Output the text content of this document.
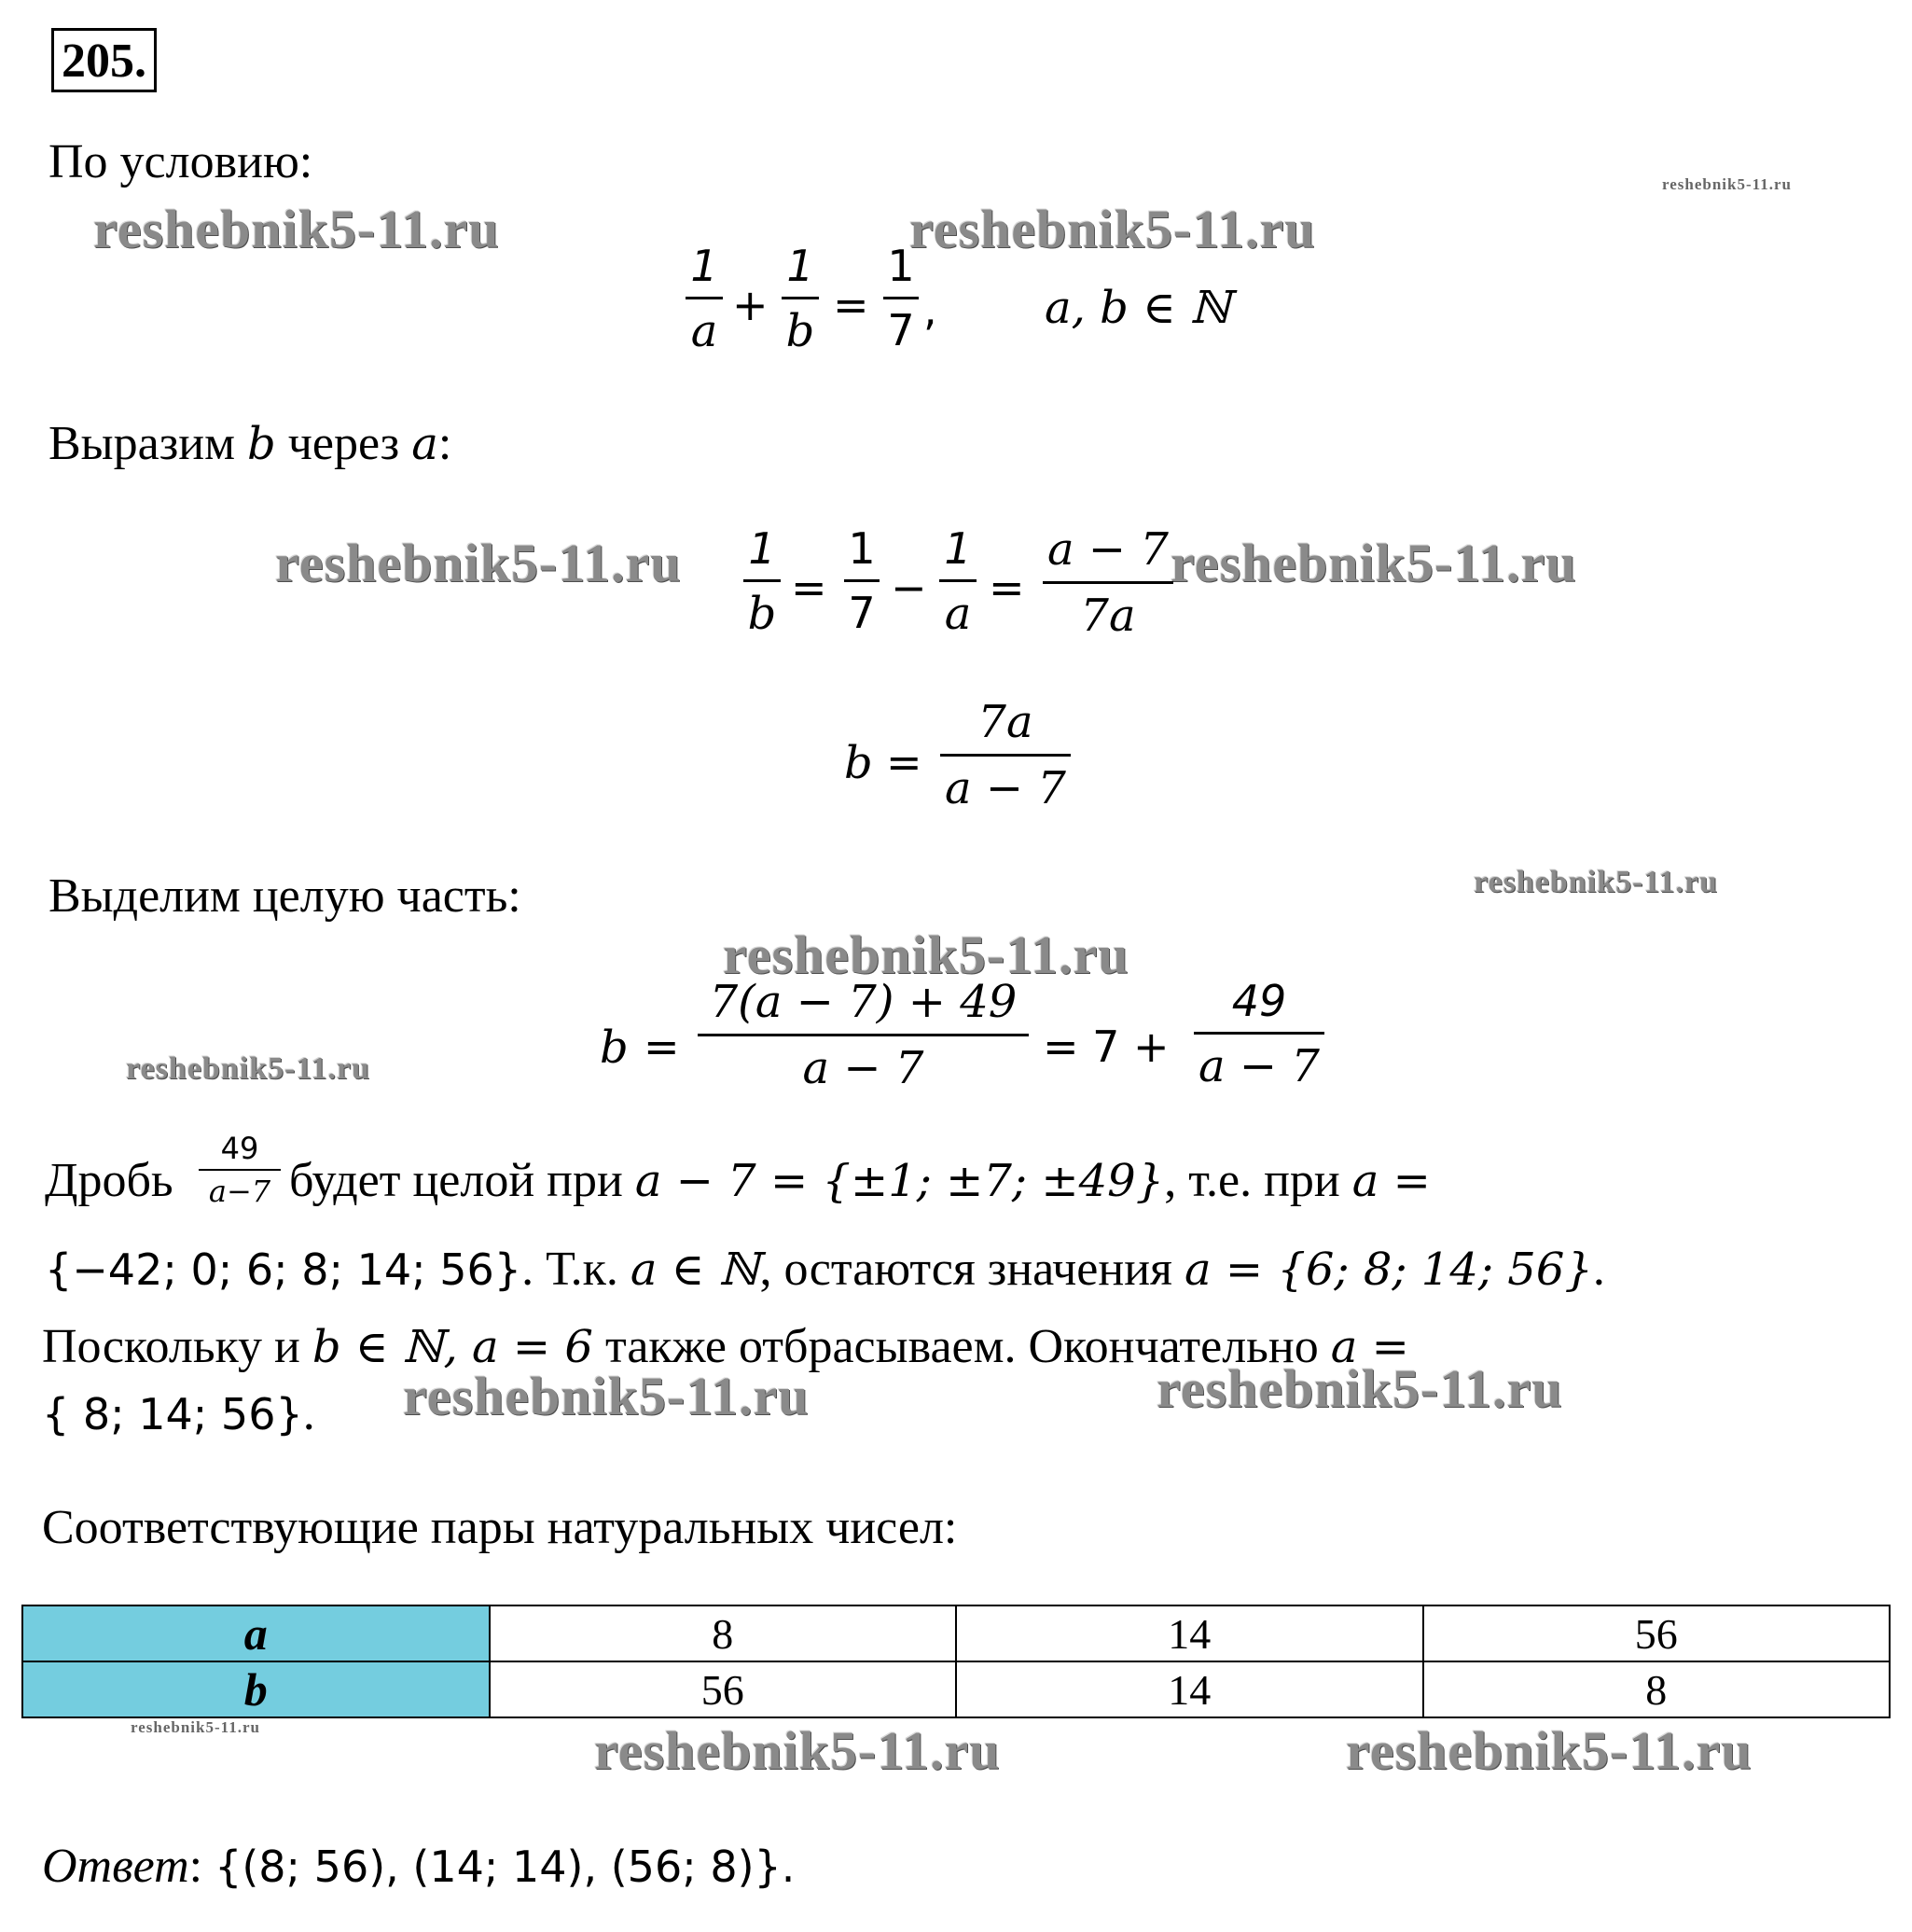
205.
reshebnik5-11.ru
reshebnik5-11.ru	reshebnik5-11.ru
reshebnik5-11.ru	reshebnik5-11.ru
reshebnik5-11.ru
reshebnik5-11.ru
reshebnik5-11.ru
reshebnik5-11.ru	reshebnik5-11.ru
reshebnik5-11.ru	reshebnik5-11.ru	reshebnik5-11.ru
По условию:
1
a +
1
b =
1
7 , a, b ∈ ℕ
Выразим b через a:
1
b =
1
7 −
1
a =
a − 7
7a
b =
7a
a − 7
Выделим целую часть:
b =
7(a − 7) + 49
a − 7	= 7 +
49
a − 7
Дробь
49
a−7 будет целой при a − 7 = {±1; ±7; ±49}, т.е. при a =
{−42; 0; 6; 8; 14; 56}. Т.к. a ∈ ℕ, остаются значения a = {6; 8; 14; 56}.
Поскольку и b ∈ ℕ, a = 6 также отбрасываем. Окончательно a =
{ 8; 14; 56}.
Соответствующие пары натуральных чисел:
a	8	14	56
b	56	14	8
Ответ: {(8; 56), (14; 14), (56; 8)}.
